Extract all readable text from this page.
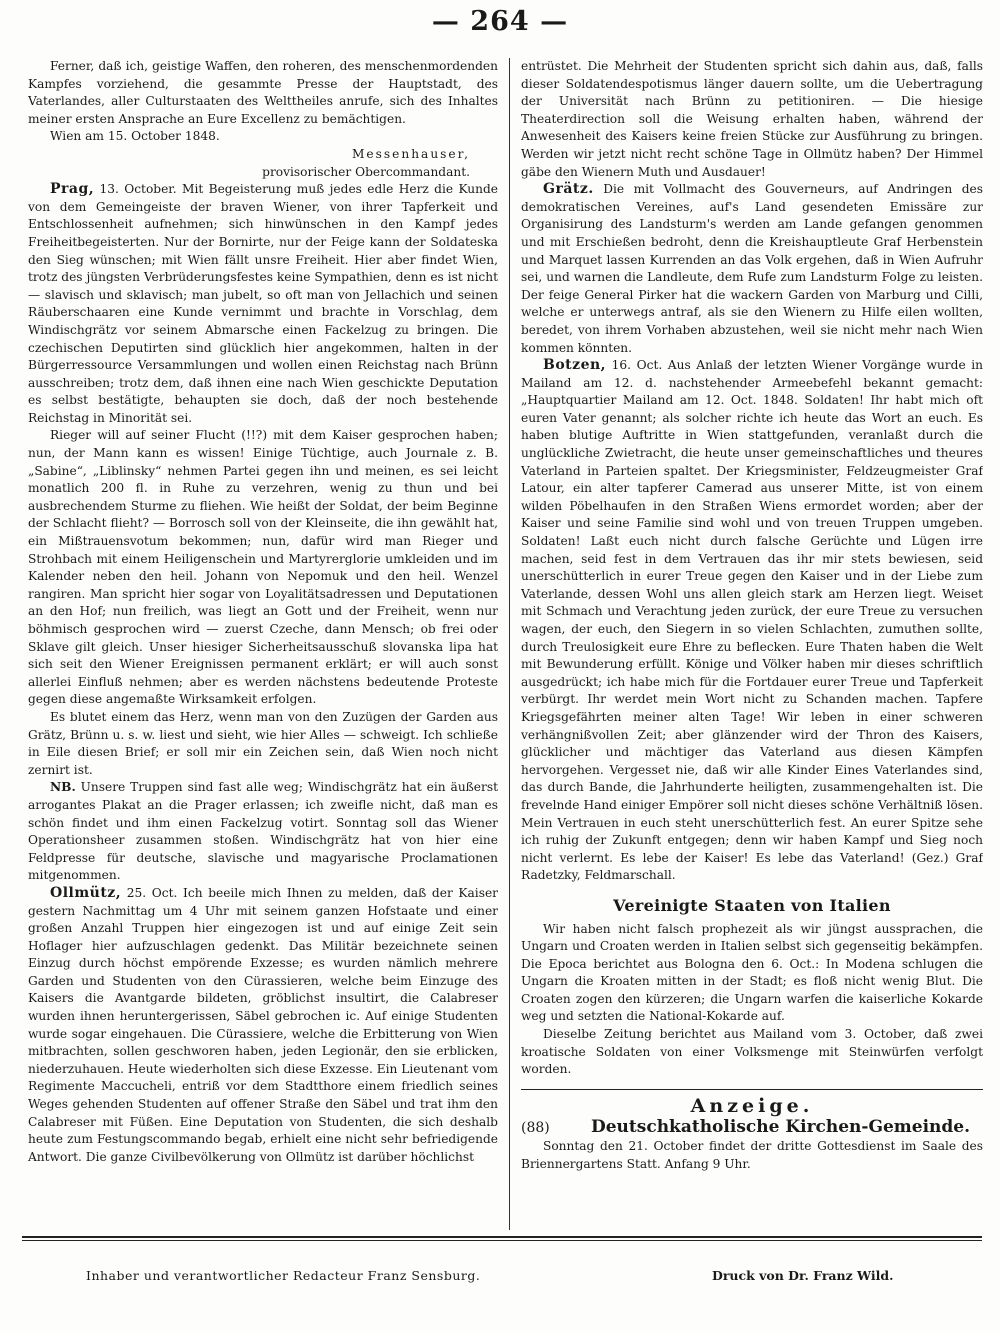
— 264 —

Ferner, daß ich, geistige Waffen, den roheren, des menschenmordenden Kampfes vorziehend, die gesammte Presse der Hauptstadt, des Vaterlandes, aller Culturstaaten des Welttheiles anrufe, sich des Inhaltes meiner ersten Ansprache an Eure Excellenz zu bemächtigen.

Wien am 15. October 1848.

Messenhauser,

provisorischer Obercommandant.

Prag, 13. October. Mit Begeisterung muß jedes edle Herz die Kunde von dem Gemeingeiste der braven Wiener, von ihrer Tapferkeit und Entschlossenheit aufnehmen; sich hinwünschen in den Kampf jedes Freiheitbegeisterten. Nur der Bornirte, nur der Feige kann der Soldateska den Sieg wünschen; mit Wien fällt unsre Freiheit. Hier aber findet Wien, trotz des jüngsten Verbrüderungsfestes keine Sympathien, denn es ist nicht — slavisch und sklavisch; man jubelt, so oft man von Jellachich und seinen Räuberschaaren eine Kunde vernimmt und brachte in Vorschlag, dem Windischgrätz vor seinem Abmarsche einen Fackelzug zu bringen. Die czechischen Deputirten sind glücklich hier angekommen, halten in der Bürgerressource Versammlungen und wollen einen Reichstag nach Brünn ausschreiben; trotz dem, daß ihnen eine nach Wien geschickte Deputation es selbst bestätigte, behaupten sie doch, daß der noch bestehende Reichstag in Minorität sei.

Rieger will auf seiner Flucht (!!?) mit dem Kaiser gesprochen haben; nun, der Mann kann es wissen! Einige Tüchtige, auch Journale z. B. „Sabine“, „Liblinsky“ nehmen Partei gegen ihn und meinen, es sei leicht monatlich 200 fl. in Ruhe zu verzehren, wenig zu thun und bei ausbrechendem Sturme zu fliehen. Wie heißt der Soldat, der beim Beginne der Schlacht flieht? — Borrosch soll von der Kleinseite, die ihn gewählt hat, ein Mißtrauensvotum bekommen; nun, dafür wird man Rieger und Strohbach mit einem Heiligenschein und Martyrerglorie umkleiden und im Kalender neben den heil. Johann von Nepomuk und den heil. Wenzel rangiren. Man spricht hier sogar von Loyalitätsadressen und Deputationen an den Hof; nun freilich, was liegt an Gott und der Freiheit, wenn nur böhmisch gesprochen wird — zuerst Czeche, dann Mensch; ob frei oder Sklave gilt gleich. Unser hiesiger Sicherheitsausschuß slovanska lipa hat sich seit den Wiener Ereignissen permanent erklärt; er will auch sonst allerlei Einfluß nehmen; aber es werden nächstens bedeutende Proteste gegen diese angemaßte Wirksamkeit erfolgen.

Es blutet einem das Herz, wenn man von den Zuzügen der Garden aus Grätz, Brünn u. s. w. liest und sieht, wie hier Alles — schweigt. Ich schließe in Eile diesen Brief; er soll mir ein Zeichen sein, daß Wien noch nicht zernirt ist.

NB. Unsere Truppen sind fast alle weg; Windischgrätz hat ein äußerst arrogantes Plakat an die Prager erlassen; ich zweifle nicht, daß man es schön findet und ihm einen Fackelzug votirt. Sonntag soll das Wiener Operationsheer zusammen stoßen. Windischgrätz hat von hier eine Feldpresse für deutsche, slavische und magyarische Proclamationen mitgenommen.

Ollmütz, 25. Oct. Ich beeile mich Ihnen zu melden, daß der Kaiser gestern Nachmittag um 4 Uhr mit seinem ganzen Hofstaate und einer großen Anzahl Truppen hier eingezogen ist und auf einige Zeit sein Hoflager hier aufzuschlagen gedenkt. Das Militär bezeichnete seinen Einzug durch höchst empörende Exzesse; es wurden nämlich mehrere Garden und Studenten von den Cürassieren, welche beim Einzuge des Kaisers die Avantgarde bildeten, gröblichst insultirt, die Calabreser wurden ihnen heruntergerissen, Säbel gebrochen ic. Auf einige Studenten wurde sogar eingehauen. Die Cürassiere, welche die Erbitterung von Wien mitbrachten, sollen geschworen haben, jeden Legionär, den sie erblicken, niederzuhauen. Heute wiederholten sich diese Exzesse. Ein Lieutenant vom Regimente Maccucheli, entriß vor dem Stadtthore einem friedlich seines Weges gehenden Studenten auf offener Straße den Säbel und trat ihm den Calabreser mit Füßen. Eine Deputation von Studenten, die sich deshalb heute zum Festungscommando begab, erhielt eine nicht sehr befriedigende Antwort. Die ganze Civilbevölkerung von Ollmütz ist darüber höchlichst

entrüstet. Die Mehrheit der Studenten spricht sich dahin aus, daß, falls dieser Soldatendespotismus länger dauern sollte, um die Uebertragung der Universität nach Brünn zu petitioniren. — Die hiesige Theaterdirection soll die Weisung erhalten haben, während der Anwesenheit des Kaisers keine freien Stücke zur Ausführung zu bringen. Werden wir jetzt nicht recht schöne Tage in Ollmütz haben? Der Himmel gäbe den Wienern Muth und Ausdauer!

Grätz. Die mit Vollmacht des Gouverneurs, auf Andringen des demokratischen Vereines, auf's Land gesendeten Emissäre zur Organisirung des Landsturm's werden am Lande gefangen genommen und mit Erschießen bedroht, denn die Kreishauptleute Graf Herbenstein und Marquet lassen Kurrenden an das Volk ergehen, daß in Wien Aufruhr sei, und warnen die Landleute, dem Rufe zum Landsturm Folge zu leisten. Der feige General Pirker hat die wackern Garden von Marburg und Cilli, welche er unterwegs antraf, als sie den Wienern zu Hilfe eilen wollten, beredet, von ihrem Vorhaben abzustehen, weil sie nicht mehr nach Wien kommen könnten.

Botzen, 16. Oct. Aus Anlaß der letzten Wiener Vorgänge wurde in Mailand am 12. d. nachstehender Armeebefehl bekannt gemacht: „Hauptquartier Mailand am 12. Oct. 1848. Soldaten! Ihr habt mich oft euren Vater genannt; als solcher richte ich heute das Wort an euch. Es haben blutige Auftritte in Wien stattgefunden, veranlaßt durch die unglückliche Zwietracht, die heute unser gemeinschaftliches und theures Vaterland in Parteien spaltet. Der Kriegsminister, Feldzeugmeister Graf Latour, ein alter tapferer Camerad aus unserer Mitte, ist von einem wilden Pöbelhaufen in den Straßen Wiens ermordet worden; aber der Kaiser und seine Familie sind wohl und von treuen Truppen umgeben. Soldaten! Laßt euch nicht durch falsche Gerüchte und Lügen irre machen, seid fest in dem Vertrauen das ihr mir stets bewiesen, seid unerschütterlich in eurer Treue gegen den Kaiser und in der Liebe zum Vaterlande, dessen Wohl uns allen gleich stark am Herzen liegt. Weiset mit Schmach und Verachtung jeden zurück, der eure Treue zu versuchen wagen, der euch, den Siegern in so vielen Schlachten, zumuthen sollte, durch Treulosigkeit eure Ehre zu beflecken. Eure Thaten haben die Welt mit Bewunderung erfüllt. Könige und Völker haben mir dieses schriftlich ausgedrückt; ich habe mich für die Fortdauer eurer Treue und Tapferkeit verbürgt. Ihr werdet mein Wort nicht zu Schanden machen. Tapfere Kriegsgefährten meiner alten Tage! Wir leben in einer schweren verhängnißvollen Zeit; aber glänzender wird der Thron des Kaisers, glücklicher und mächtiger das Vaterland aus diesen Kämpfen hervorgehen. Vergesset nie, daß wir alle Kinder Eines Vaterlandes sind, das durch Bande, die Jahrhunderte heiligten, zusammengehalten ist. Die frevelnde Hand einiger Empörer soll nicht dieses schöne Verhältniß lösen. Mein Vertrauen in euch steht unerschütterlich fest. An eurer Spitze sehe ich ruhig der Zukunft entgegen; denn wir haben Kampf und Sieg noch nicht verlernt. Es lebe der Kaiser! Es lebe das Vaterland! (Gez.) Graf Radetzky, Feldmarschall.

Vereinigte Staaten von Italien

Wir haben nicht falsch prophezeit als wir jüngst aussprachen, die Ungarn und Croaten werden in Italien selbst sich gegenseitig bekämpfen. Die Epoca berichtet aus Bologna den 6. Oct.: In Modena schlugen die Ungarn die Kroaten mitten in der Stadt; es floß nicht wenig Blut. Die Croaten zogen den kürzeren; die Ungarn warfen die kaiserliche Kokarde weg und setzten die National-Kokarde auf.

Dieselbe Zeitung berichtet aus Mailand vom 3. October, daß zwei kroatische Soldaten von einer Volksmenge mit Steinwürfen verfolgt worden.

Anzeige.
(88)	Deutschkatholische Kirchen-Gemeinde.

Sonntag den 21. October findet der dritte Gottesdienst im Saale des Briennergartens Statt. Anfang 9 Uhr.

Inhaber und verantwortlicher Redacteur Franz Sensburg.	Druck von Dr. Franz Wild.
